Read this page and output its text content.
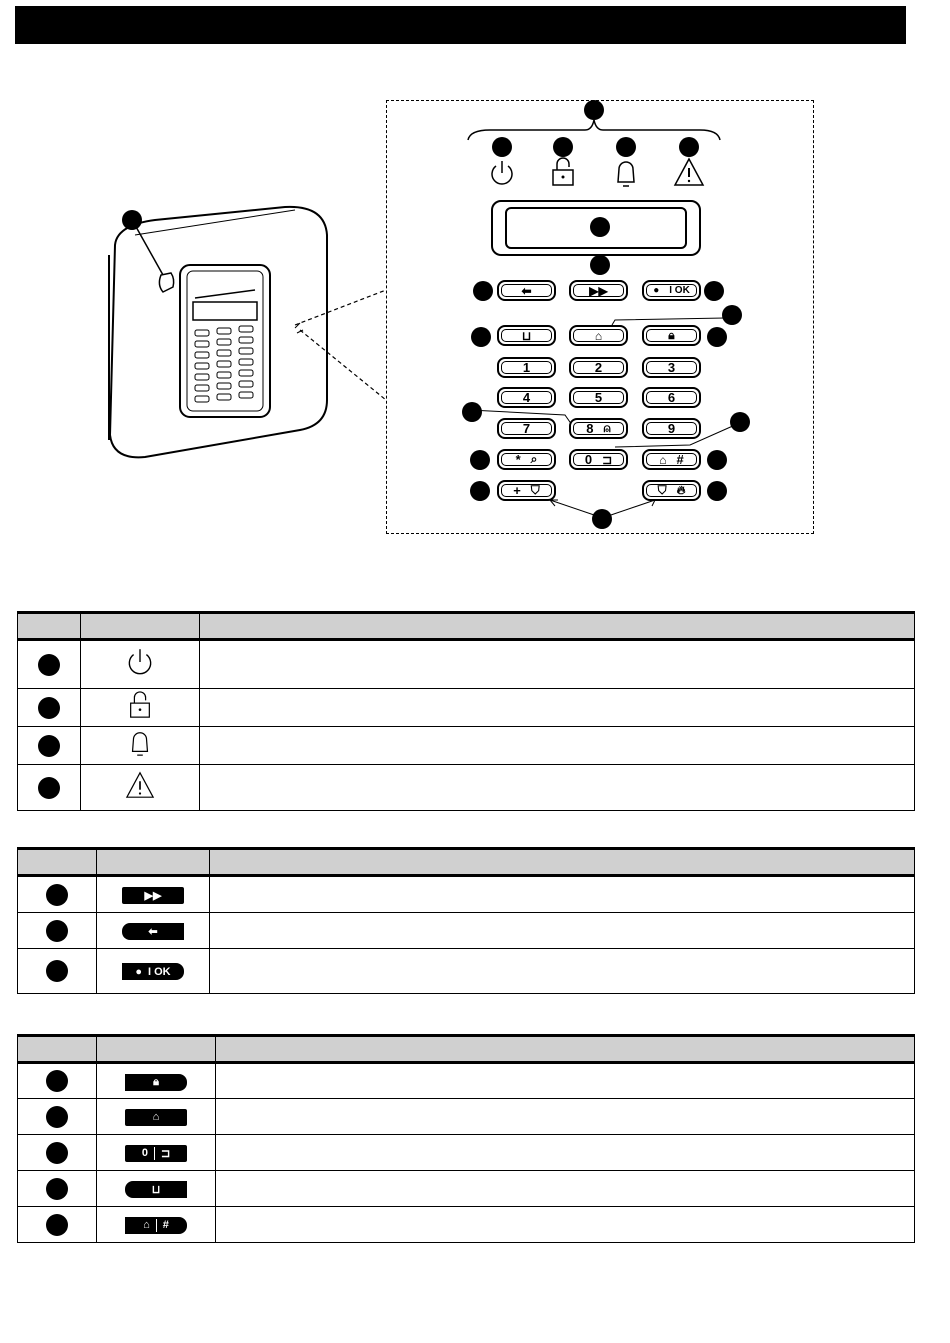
⬅	▶▶	● I OK
⊔	⌂	🔒︎
1	2	3
4	5	6
7	8 ⍝	9
* ⌕	0 ⊐	⌂ #
+ ⛉	⛉ 🔥︎

	▶▶	

	⬅	

	● I OK	

	🔒︎	

	⌂	

	0 ⊐	

	⊔	

	⌂ #	
